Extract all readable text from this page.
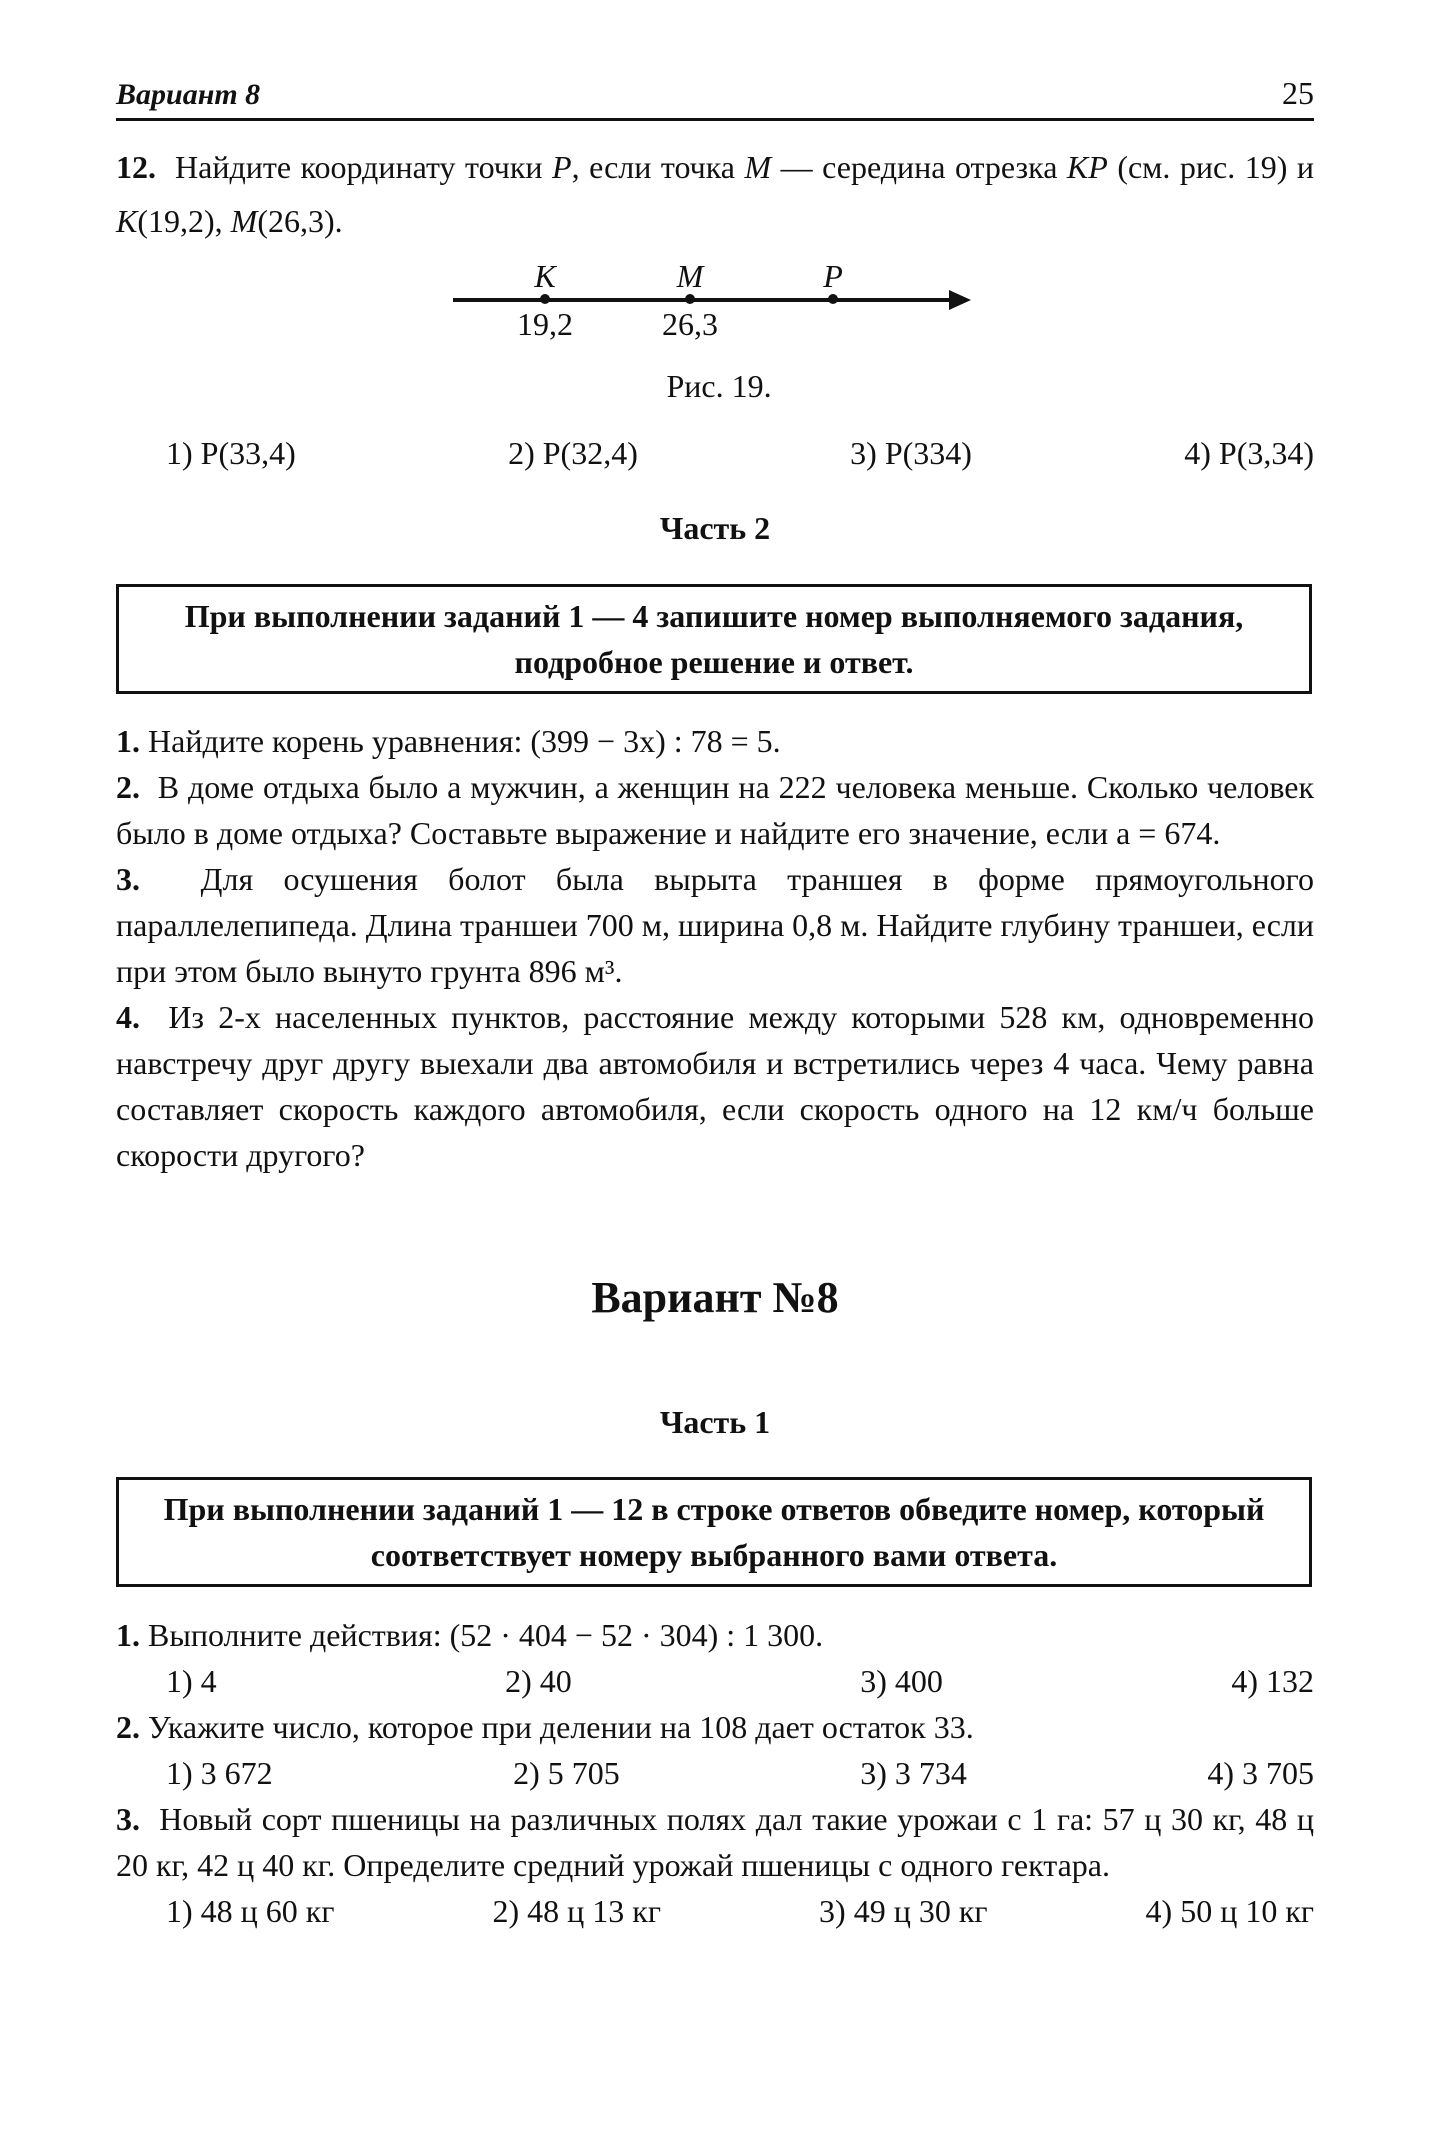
Вариант 8	25

12. Найдите координату точки P, если точка M — середина отрезка KP (см. рис. 19) и K(19,2), M(26,3).

K	M	P
19,2	26,3
Рис. 19.
1) P(33,4)	2) P(32,4)	3) P(334)	4) P(3,34)
Часть 2
При выполнении заданий 1 — 4 запишите номер выполняемого задания, подробное решение и ответ.

1. Найдите корень уравнения: (399 − 3x) : 78 = 5.

2. В доме отдыха было a мужчин, а женщин на 222 человека меньше. Сколько человек было в доме отдыха? Составьте выражение и найдите его значение, если a = 674.

3. Для осушения болот была вырыта траншея в форме прямоугольного параллелепипеда. Длина траншеи 700 м, ширина 0,8 м. Найдите глубину траншеи, если при этом было вынуто грунта 896 м³.

4. Из 2-х населенных пунктов, расстояние между которыми 528 км, одновременно навстречу друг другу выехали два автомобиля и встретились через 4 часа. Чему равна составляет скорость каждого автомобиля, если скорость одного на 12 км/ч больше скорости другого?

Вариант №8
Часть 1
При выполнении заданий 1 — 12 в строке ответов обведите номер, который соответствует номеру выбранного вами ответа.

1. Выполните действия: (52 · 404 − 52 · 304) : 1 300.

1) 4	2) 40	3) 400	4) 132

2. Укажите число, которое при делении на 108 дает остаток 33.

1) 3 672	2) 5 705	3) 3 734	4) 3 705

3. Новый сорт пшеницы на различных полях дал такие урожаи с 1 га: 57 ц 30 кг, 48 ц 20 кг, 42 ц 40 кг. Определите средний урожай пшеницы с одного гектара.

1) 48 ц 60 кг	2) 48 ц 13 кг	3) 49 ц 30 кг	4) 50 ц 10 кг
